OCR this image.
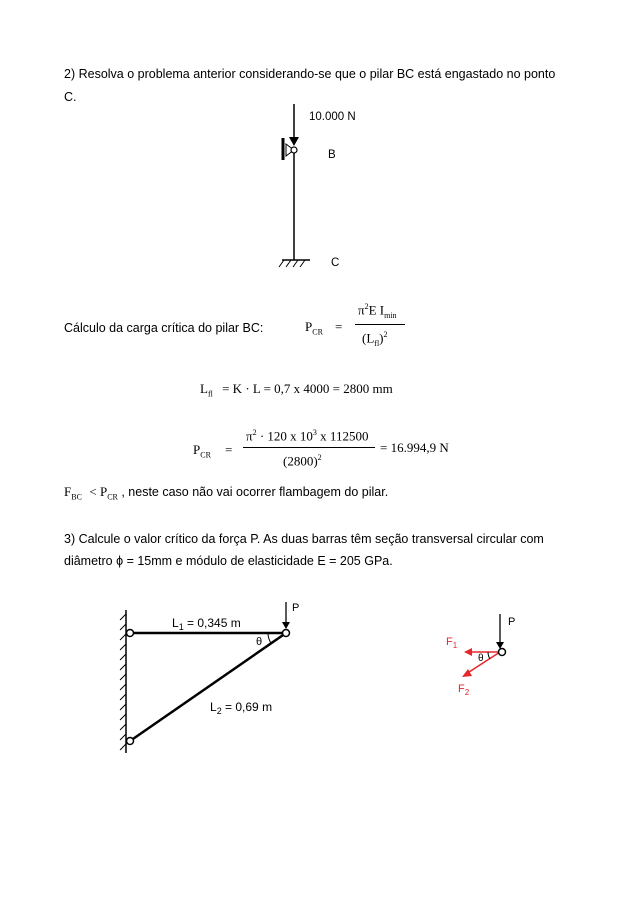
2) Resolva o problema anterior considerando-se que o pilar BC está engastado no ponto
C.
10.000 N
B
C
Cálculo da carga crítica do pilar BC:	$P_{CR}$ =
$\pi^2E$ $I_{min}$
$(L_{fl})^2$
$L_{fl} = K \cdot L = 0,7$ x 4000 = 2800 mm
$P_{CR}$ =
$\pi^2 \cdot 120$ x $10^3$ x 112500
$(2800)^2$
= 16.994,9 N
$F_{BC} < P_{CR}$ , neste caso não vai ocorrer flambagem do pilar.
3) Calcule o valor crítico da força P. As duas barras têm seção transversal circular com
diâmetro ϕ = 15mm e módulo de elasticidade E = 205 GPa.
P
$L_1 = 0,345$ m
$L_2 = 0,69$ m
θ
P
θ
$F_1$
$F_2$
